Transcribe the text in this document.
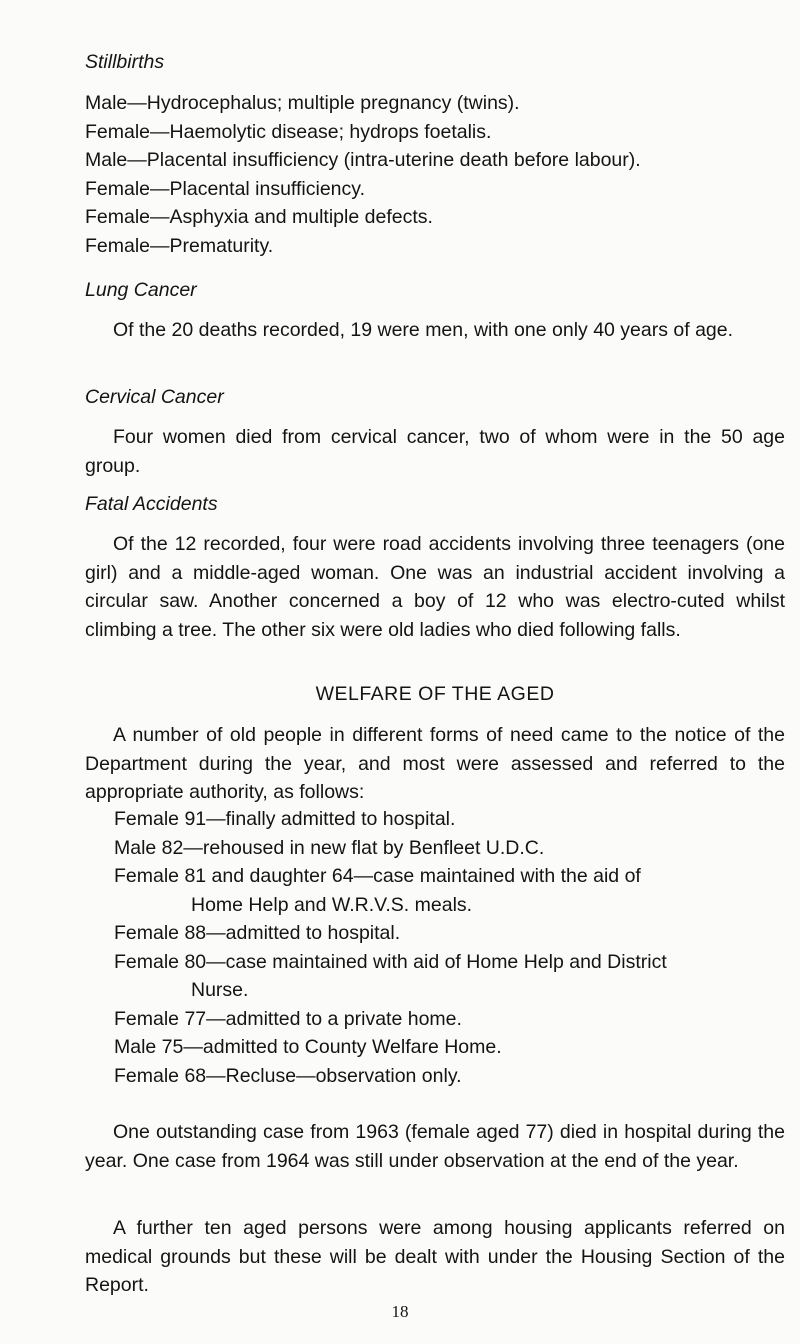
Stillbirths

Male—Hydrocephalus; multiple pregnancy (twins).

Female—Haemolytic disease; hydrops foetalis.

Male—Placental insufficiency (intra-uterine death before labour).

Female—Placental insufficiency.

Female—Asphyxia and multiple defects.

Female—Prematurity.

Lung Cancer

Of the 20 deaths recorded, 19 were men, with one only 40 years of age.

Cervical Cancer

Four women died from cervical cancer, two of whom were in the 50 age group.

Fatal Accidents

Of the 12 recorded, four were road accidents involving three teenagers (one girl) and a middle-aged woman. One was an industrial accident involving a circular saw. Another concerned a boy of 12 who was electro-cuted whilst climbing a tree. The other six were old ladies who died following falls.

WELFARE OF THE AGED

A number of old people in different forms of need came to the notice of the Department during the year, and most were assessed and referred to the appropriate authority, as follows:

Female 91—finally admitted to hospital.

Male 82—rehoused in new flat by Benfleet U.D.C.

Female 81 and daughter 64—case maintained with the aid of
Home Help and W.R.V.S. meals.

Female 88—admitted to hospital.

Female 80—case maintained with aid of Home Help and District
Nurse.

Female 77—admitted to a private home.

Male 75—admitted to County Welfare Home.

Female 68—Recluse—observation only.

One outstanding case from 1963 (female aged 77) died in hospital during the year. One case from 1964 was still under observation at the end of the year.

A further ten aged persons were among housing applicants referred on medical grounds but these will be dealt with under the Housing Section of the Report.

18
